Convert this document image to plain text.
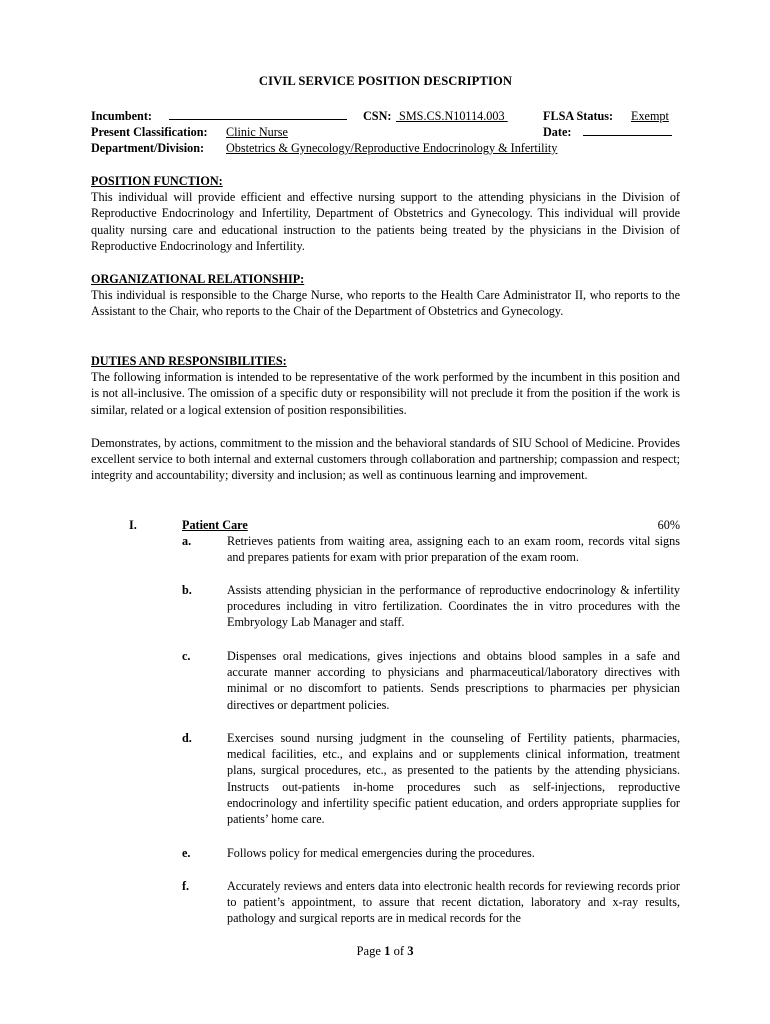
CIVIL SERVICE POSITION DESCRIPTION
Incumbent:	CSN: SMS.CS.N10114.003	FLSA Status: Exempt
Present Classification: Clinic Nurse	Date:
Department/Division: Obstetrics & Gynecology/Reproductive Endocrinology & Infertility
POSITION FUNCTION:
This individual will provide efficient and effective nursing support to the attending physicians in the Division of Reproductive Endocrinology and Infertility, Department of Obstetrics and Gynecology. This individual will provide quality nursing care and educational instruction to the patients being treated by the physicians in the Division of Reproductive Endocrinology and Infertility.
ORGANIZATIONAL RELATIONSHIP:
This individual is responsible to the Charge Nurse, who reports to the Health Care Administrator II, who reports to the Assistant to the Chair, who reports to the Chair of the Department of Obstetrics and Gynecology.
DUTIES AND RESPONSIBILITIES:
The following information is intended to be representative of the work performed by the incumbent in this position and is not all-inclusive. The omission of a specific duty or responsibility will not preclude it from the position if the work is similar, related or a logical extension of position responsibilities.
Demonstrates, by actions, commitment to the mission and the behavioral standards of SIU School of Medicine. Provides excellent service to both internal and external customers through collaboration and partnership; compassion and respect; integrity and accountability; diversity and inclusion; as well as continuous learning and improvement.
I.	Patient Care	60%
a.	Retrieves patients from waiting area, assigning each to an exam room, records vital signs and prepares patients for exam with prior preparation of the exam room.
b.	Assists attending physician in the performance of reproductive endocrinology & infertility procedures including in vitro fertilization. Coordinates the in vitro procedures with the Embryology Lab Manager and staff.
c.	Dispenses oral medications, gives injections and obtains blood samples in a safe and accurate manner according to physicians and pharmaceutical/laboratory directives with minimal or no discomfort to patients. Sends prescriptions to pharmacies per physician directives or department policies.
d.	Exercises sound nursing judgment in the counseling of Fertility patients, pharmacies, medical facilities, etc., and explains and or supplements clinical information, treatment plans, surgical procedures, etc., as presented to the patients by the attending physicians. Instructs out-patients in-home procedures such as self-injections, reproductive endocrinology and infertility specific patient education, and orders appropriate supplies for patients’ home care.
e.	Follows policy for medical emergencies during the procedures.
f.	Accurately reviews and enters data into electronic health records for reviewing records prior to patient’s appointment, to assure that recent dictation, laboratory and x-ray results, pathology and surgical reports are in medical records for the
Page 1 of 3
